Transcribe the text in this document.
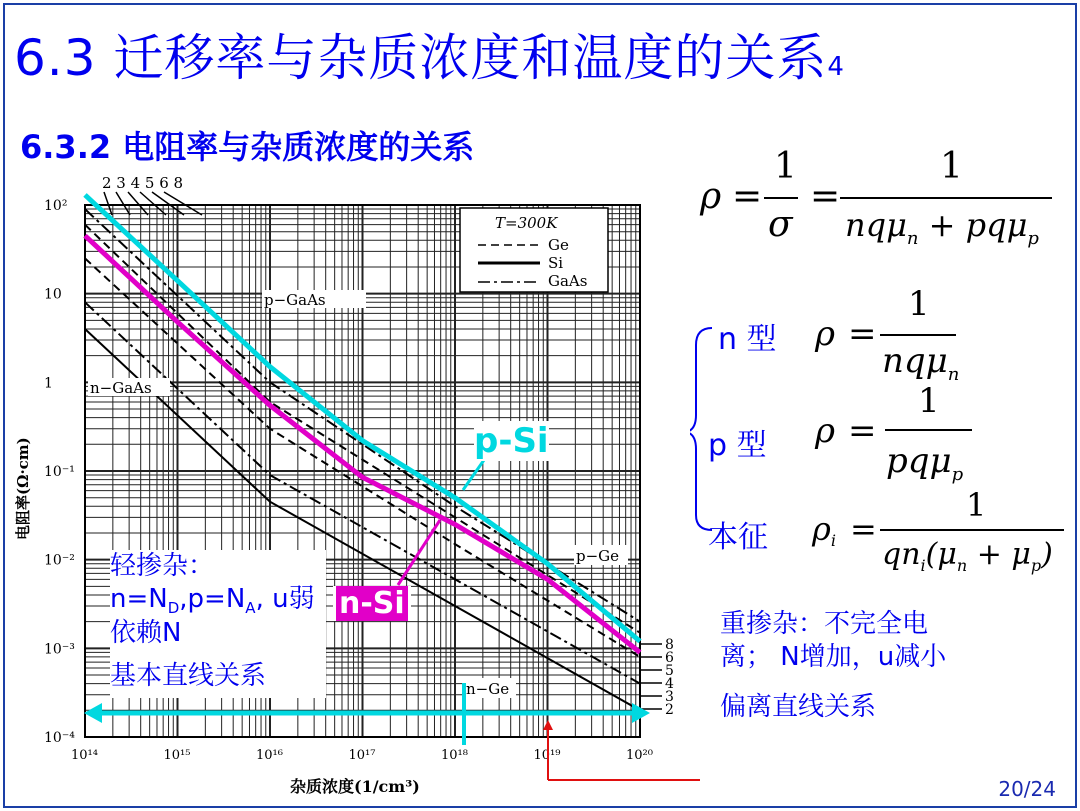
6.3 迁移率与杂质浓度和温度的关系4
6.3.2 电阻率与杂质浓度的关系
T=300K
Ge
Si
GaAs
p−GaAs
n−GaAs
p−Ge
n−Ge
2 3 4 5 6 8
8
6
5
4
3
2
10²
10
1
10⁻¹
10⁻²
10⁻³
10⁻⁴
10¹⁴	10¹⁵	10¹⁶	10¹⁷	10¹⁸	10¹⁹	10²⁰
电阻率(Ω·cm)
杂质浓度(1/cm³)
p-Si
n-Si
轻掺杂：
$n=N_D,p=N_A$, u弱
依赖N
基本直线关系
重掺杂：不完全电
离； N增加，u减小
偏离直线关系
ρ =
1
σ
=
1
nqμ$_n$ + pqμ$_p$
ρ =
1
nqμ$_n$
ρ =
1
pqμ$_p$
ρi =
1
$qn_i(\mu_n + \mu_p)$
n 型
p 型
本征
20/24
